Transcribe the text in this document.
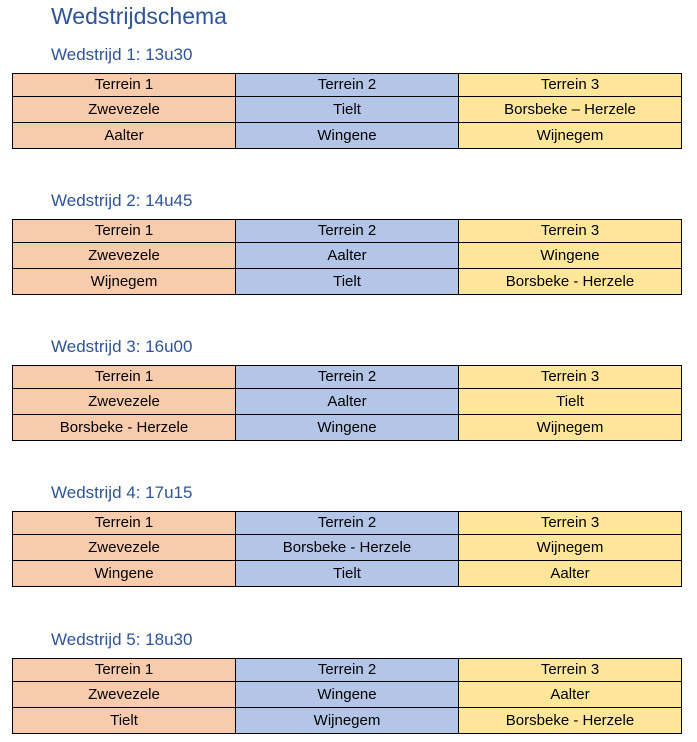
Wedstrijdschema
Wedstrijd 1: 13u30
Terrein 1	Terrein 2	Terrein 3
Zwevezele	Tielt	Borsbeke – Herzele
Aalter	Wingene	Wijnegem
Wedstrijd 2: 14u45
Terrein 1	Terrein 2	Terrein 3
Zwevezele	Aalter	Wingene
Wijnegem	Tielt	Borsbeke - Herzele
Wedstrijd 3: 16u00
Terrein 1	Terrein 2	Terrein 3
Zwevezele	Aalter	Tielt
Borsbeke - Herzele	Wingene	Wijnegem
Wedstrijd 4: 17u15
Terrein 1	Terrein 2	Terrein 3
Zwevezele	Borsbeke - Herzele	Wijnegem
Wingene	Tielt	Aalter
Wedstrijd 5: 18u30
Terrein 1	Terrein 2	Terrein 3
Zwevezele	Wingene	Aalter
Tielt	Wijnegem	Borsbeke - Herzele
